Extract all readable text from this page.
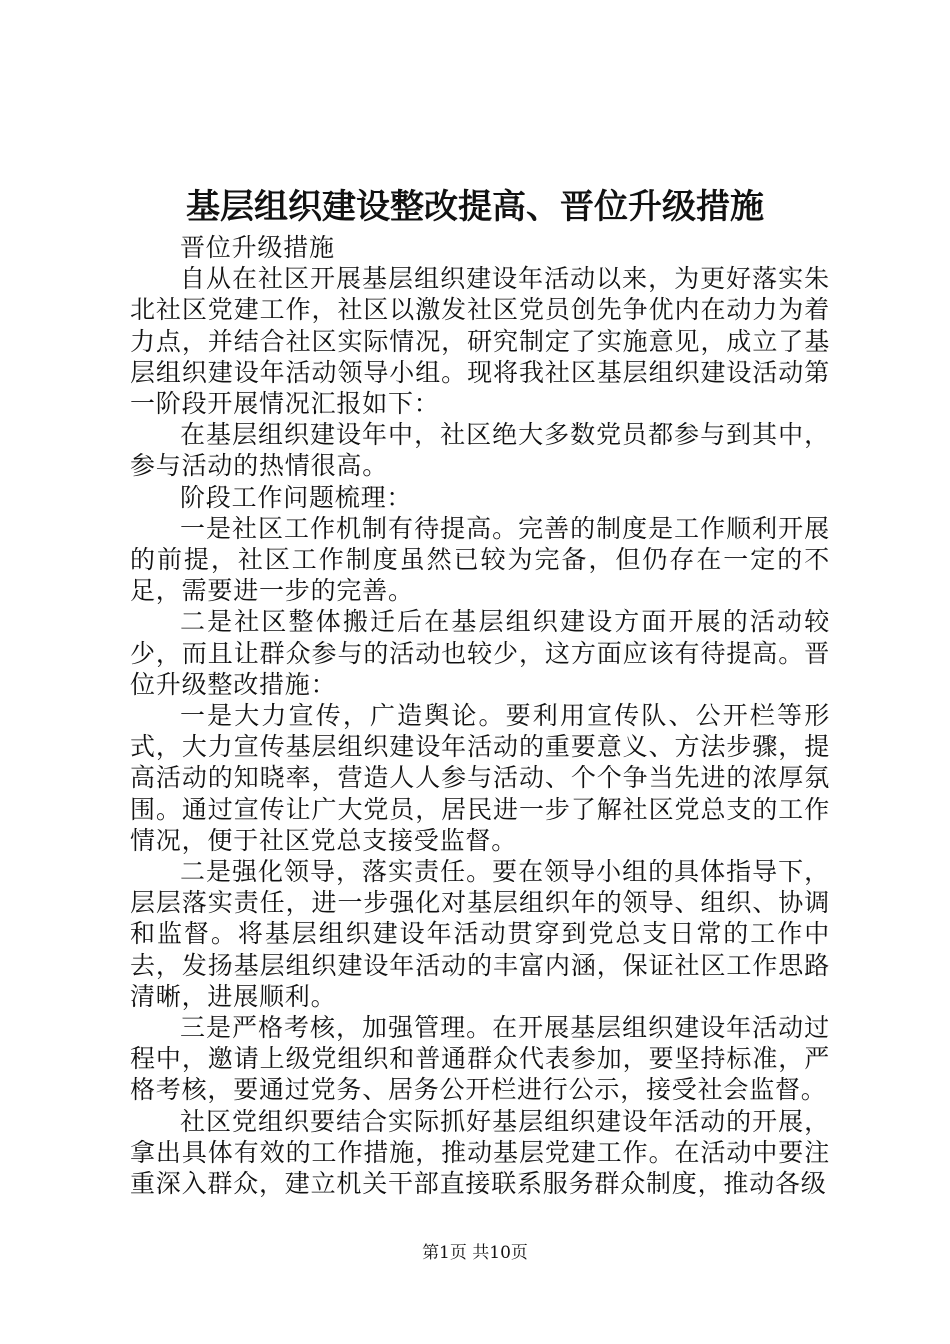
基层组织建设整改提高、晋位升级措施

晋位升级措施

自从在社区开展基层组织建设年活动以来，为更好落实朱北社区党建工作，社区以激发社区党员创先争优内在动力为着力点，并结合社区实际情况，研究制定了实施意见，成立了基层组织建设年活动领导小组。现将我社区基层组织建设活动第一阶段开展情况汇报如下：

在基层组织建设年中，社区绝大多数党员都参与到其中，参与活动的热情很高。

阶段工作问题梳理：

一是社区工作机制有待提高。完善的制度是工作顺利开展的前提，社区工作制度虽然已较为完备，但仍存在一定的不足，需要进一步的完善。

二是社区整体搬迁后在基层组织建设方面开展的活动较少，而且让群众参与的活动也较少，这方面应该有待提高。晋位升级整改措施：

一是大力宣传，广造舆论。要利用宣传队、公开栏等形式，大力宣传基层组织建设年活动的重要意义、方法步骤，提高活动的知晓率，营造人人参与活动、个个争当先进的浓厚氛围。通过宣传让广大党员，居民进一步了解社区党总支的工作情况，便于社区党总支接受监督。

二是强化领导，落实责任。要在领导小组的具体指导下，层层落实责任，进一步强化对基层组织年的领导、组织、协调和监督。将基层组织建设年活动贯穿到党总支日常的工作中去，发扬基层组织建设年活动的丰富内涵，保证社区工作思路清晰，进展顺利。

三是严格考核，加强管理。在开展基层组织建设年活动过程中，邀请上级党组织和普通群众代表参加，要坚持标准，严格考核，要通过党务、居务公开栏进行公示，接受社会监督。

社区党组织要结合实际抓好基层组织建设年活动的开展，拿出具体有效的工作措施，推动基层党建工作。在活动中要注重深入群众，建立机关干部直接联系服务群众制度，推动各级

第1页 共10页
